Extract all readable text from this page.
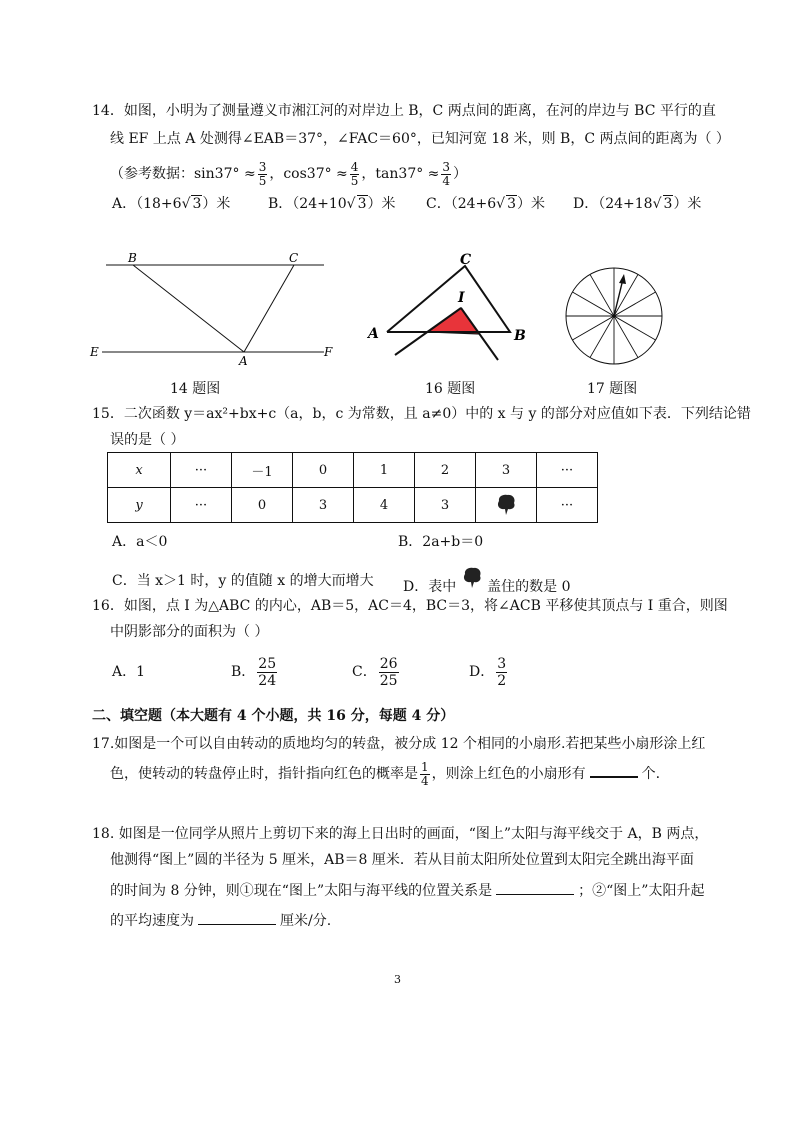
14．如图，小明为了测量遵义市湘江河的对岸边上 B，C 两点间的距离，在河的岸边与 BC 平行的直
线 EF 上点 A 处测得∠EAB＝37°，∠FAC＝60°，已知河宽 18 米，则 B，C 两点间的距离为（ ）
（参考数据：$\sin 37^\circ \approx \frac{3}{5}$ ，$\cos 37^\circ \approx \frac{4}{5}$ ，$\tan 37^\circ \approx \frac{3}{4}$ ）
A．（18+6√ 3）米	B．（24+10√ 3）米 C．（24+6√ 3）米 D．（24+18√ 3）米
B	C
E
A
F
14 题图
C
I
A	B
16 题图	17 题图
15．二次函数 y＝ax²+bx+c（a，b，c 为常数，且 a≠0）中的 x 与 y 的部分对应值如下表．下列结论错
误的是（ ）
x	···	－1	0	1	2	3	···
y	···	0	3	4	3		···
A．a＜0	B．2a+b＝0
C．当 x＞1 时，y 的值随 x 的增大而增大 D．表中 盖住的数是 0
16．如图，点 I 为△ABC 的内心，AB＝5，AC＝4，BC＝3，将∠ACB 平移使其顶点与 I 重合，则图
中阴影部分的面积为（ ）
A．1	B． $\frac{25}{24}$	C． $\frac{26}{25}$	D． $\frac{3}{2}$
二、填空题（本大题有 4 个小题，共 16 分，每题 4 分）
17.如图是一个可以自由转动的质地均匀的转盘，被分成 12 个相同的小扇形.若把某些小扇形涂上红
色，使转动的转盘停止时，指针指向红色的概率是 $\frac{1}{4}$ ，则涂上红色的小扇形有	个.
18. 如图是一位同学从照片上剪切下来的海上日出时的画面，“图上”太阳与海平线交于 A，B 两点，
他测得“图上”圆的半径为 5 厘米，AB＝8 厘米．若从目前太阳所处位置到太阳完全跳出海平面
的时间为 8 分钟，则①现在“图上”太阳与海平线的位置关系是	；②“图上”太阳升起
的平均速度为	厘米/分.
3
